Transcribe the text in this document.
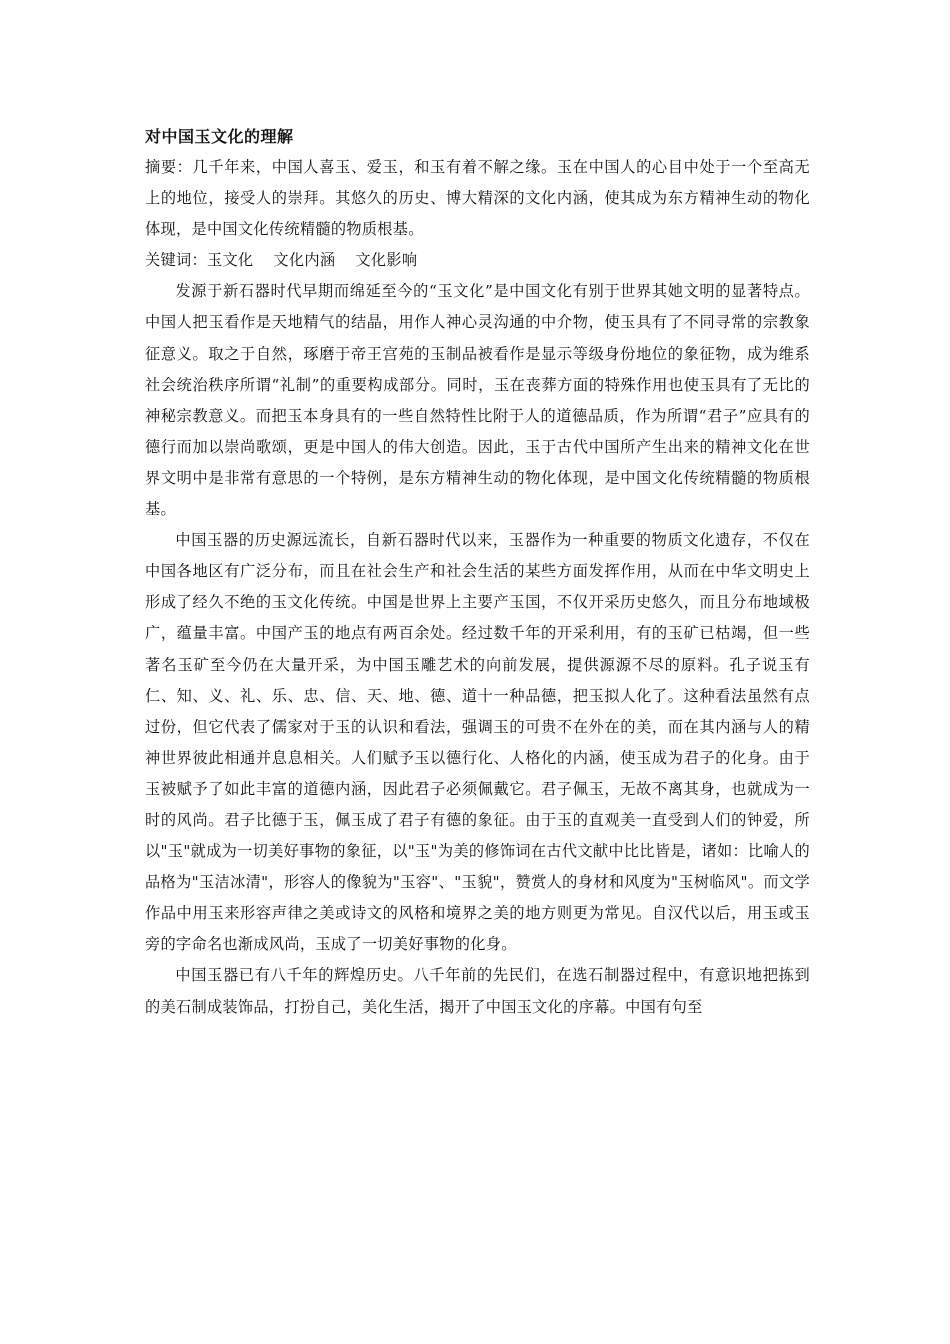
对中国玉文化的理解

摘要：几千年来，中国人喜玉、爱玉，和玉有着不解之缘。玉在中国人的心目中处于一个至高无上的地位，接受人的崇拜。其悠久的历史、博大精深的文化内涵，使其成为东方精神生动的物化体现，是中国文化传统精髓的物质根基。

关键词：玉文化 文化内涵 文化影响

发源于新石器时代早期而绵延至今的“玉文化”是中国文化有别于世界其她文明的显著特点。中国人把玉看作是天地精气的结晶，用作人神心灵沟通的中介物，使玉具有了不同寻常的宗教象征意义。取之于自然，琢磨于帝王宫苑的玉制品被看作是显示等级身份地位的象征物，成为维系社会统治秩序所谓“礼制”的重要构成部分。同时，玉在丧葬方面的特殊作用也使玉具有了无比的神秘宗教意义。而把玉本身具有的一些自然特性比附于人的道德品质，作为所谓“君子”应具有的德行而加以崇尚歌颂，更是中国人的伟大创造。因此，玉于古代中国所产生出来的精神文化在世界文明中是非常有意思的一个特例，是东方精神生动的物化体现，是中国文化传统精髓的物质根基。

中国玉器的历史源远流长，自新石器时代以来，玉器作为一种重要的物质文化遗存，不仅在中国各地区有广泛分布，而且在社会生产和社会生活的某些方面发挥作用，从而在中华文明史上形成了经久不绝的玉文化传统。中国是世界上主要产玉国，不仅开采历史悠久，而且分布地域极广，蕴量丰富。中国产玉的地点有两百余处。经过数千年的开采利用，有的玉矿已枯竭，但一些著名玉矿至今仍在大量开采，为中国玉雕艺术的向前发展，提供源源不尽的原料。孔子说玉有仁、知、义、礼、乐、忠、信、天、地、德、道十一种品德，把玉拟人化了。这种看法虽然有点过份，但它代表了儒家对于玉的认识和看法，强调玉的可贵不在外在的美，而在其内涵与人的精神世界彼此相通并息息相关。人们赋予玉以德行化、人格化的内涵，使玉成为君子的化身。由于玉被赋予了如此丰富的道德内涵，因此君子必须佩戴它。君子佩玉，无故不离其身，也就成为一时的风尚。君子比德于玉，佩玉成了君子有德的象征。由于玉的直观美一直受到人们的钟爱，所以"玉"就成为一切美好事物的象征，以"玉"为美的修饰词在古代文献中比比皆是，诸如：比喻人的品格为"玉洁冰清"，形容人的像貌为"玉容"、"玉貌"，赞赏人的身材和风度为"玉树临风"。而文学作品中用玉来形容声律之美或诗文的风格和境界之美的地方则更为常见。自汉代以后，用玉或玉旁的字命名也渐成风尚，玉成了一切美好事物的化身。

中国玉器已有八千年的辉煌历史。八千年前的先民们，在选石制器过程中，有意识地把拣到的美石制成装饰品，打扮自己，美化生活，揭开了中国玉文化的序幕。中国有句至
